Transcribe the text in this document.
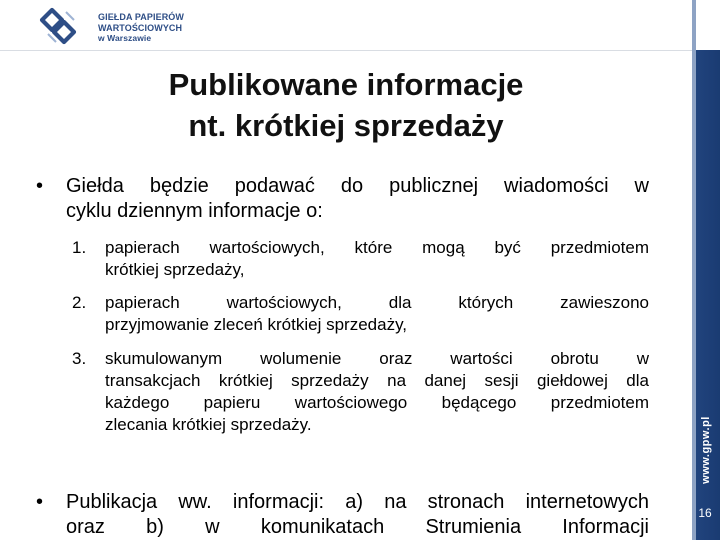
GIEŁDA PAPIERÓW
WARTOŚCIOWYCH
w Warszawie
www.gpw.pl
16
Publikowane informacje
nt. krótkiej sprzedaży
• Giełda będzie podawać do publicznej wiadomości w
cyklu dziennym informacje o:
1. papierach wartościowych, które mogą być przedmiotem
krótkiej sprzedaży,
2. papierach wartościowych, dla których zawieszono
przyjmowanie zleceń krótkiej sprzedaży,
3. skumulowanym wolumenie oraz wartości obrotu w
transakcjach krótkiej sprzedaży na danej sesji giełdowej dla
każdego papieru wartościowego będącego przedmiotem
zlecania krótkiej sprzedaży.
• Publikacja ww. informacji: a) na stronach internetowych
oraz b) w komunikatach Strumienia Informacji
